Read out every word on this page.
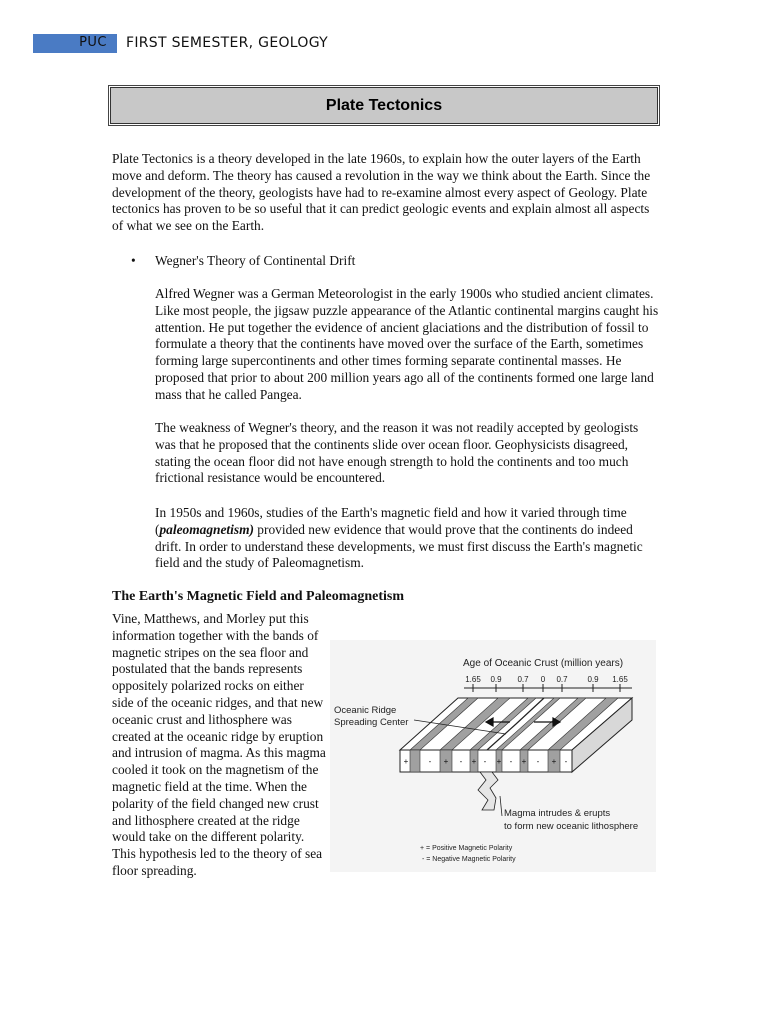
PUC FIRST SEMESTER, GEOLOGY
Plate Tectonics

Plate Tectonics is a theory developed in the late 1960s, to explain how the outer layers of the Earth move and deform. The theory has caused a revolution in the way we think about the Earth. Since the development of the theory, geologists have had to re-examine almost every aspect of Geology. Plate tectonics has proven to be so useful that it can predict geologic events and explain almost all aspects of what we see on the Earth.

• Wegner's Theory of Continental Drift

Alfred Wegner was a German Meteorologist in the early 1900s who studied ancient climates. Like most people, the jigsaw puzzle appearance of the Atlantic continental margins caught his attention. He put together the evidence of ancient glaciations and the distribution of fossil to formulate a theory that the continents have moved over the surface of the Earth, sometimes forming large supercontinents and other times forming separate continental masses. He proposed that prior to about 200 million years ago all of the continents formed one large land mass that he called Pangea.

The weakness of Wegner's theory, and the reason it was not readily accepted by geologists was that he proposed that the continents slide over ocean floor. Geophysicists disagreed, stating the ocean floor did not have enough strength to hold the continents and too much frictional resistance would be encountered.

In 1950s and 1960s, studies of the Earth's magnetic field and how it varied through time (paleomagnetism) provided new evidence that would prove that the continents do indeed drift. In order to understand these developments, we must first discuss the Earth's magnetic field and the study of Paleomagnetism.

The Earth's Magnetic Field and Paleomagnetism

Vine, Matthews, and Morley put this information together with the bands of magnetic stripes on the sea floor and postulated that the bands represents oppositely polarized rocks on either side of the oceanic ridges, and that new oceanic crust and lithosphere was created at the oceanic ridge by eruption and intrusion of magma. As this magma cooled it took on the magnetism of the magnetic field at the time. When the polarity of the field changed new crust and lithosphere created at the ridge would take on the different polarity. This hypothesis led to the theory of sea floor spreading.

Age of Oceanic Crust (million years)
1.65 0.9 0.7 0 0.7 0.9 1.65
+	- + - + - + - + - + -
Oceanic Ridge
Spreading Center
Magma intrudes & erupts
to form new oceanic lithosphere
+ = Positive Magnetic Polarity
- = Negative Magnetic Polarity
